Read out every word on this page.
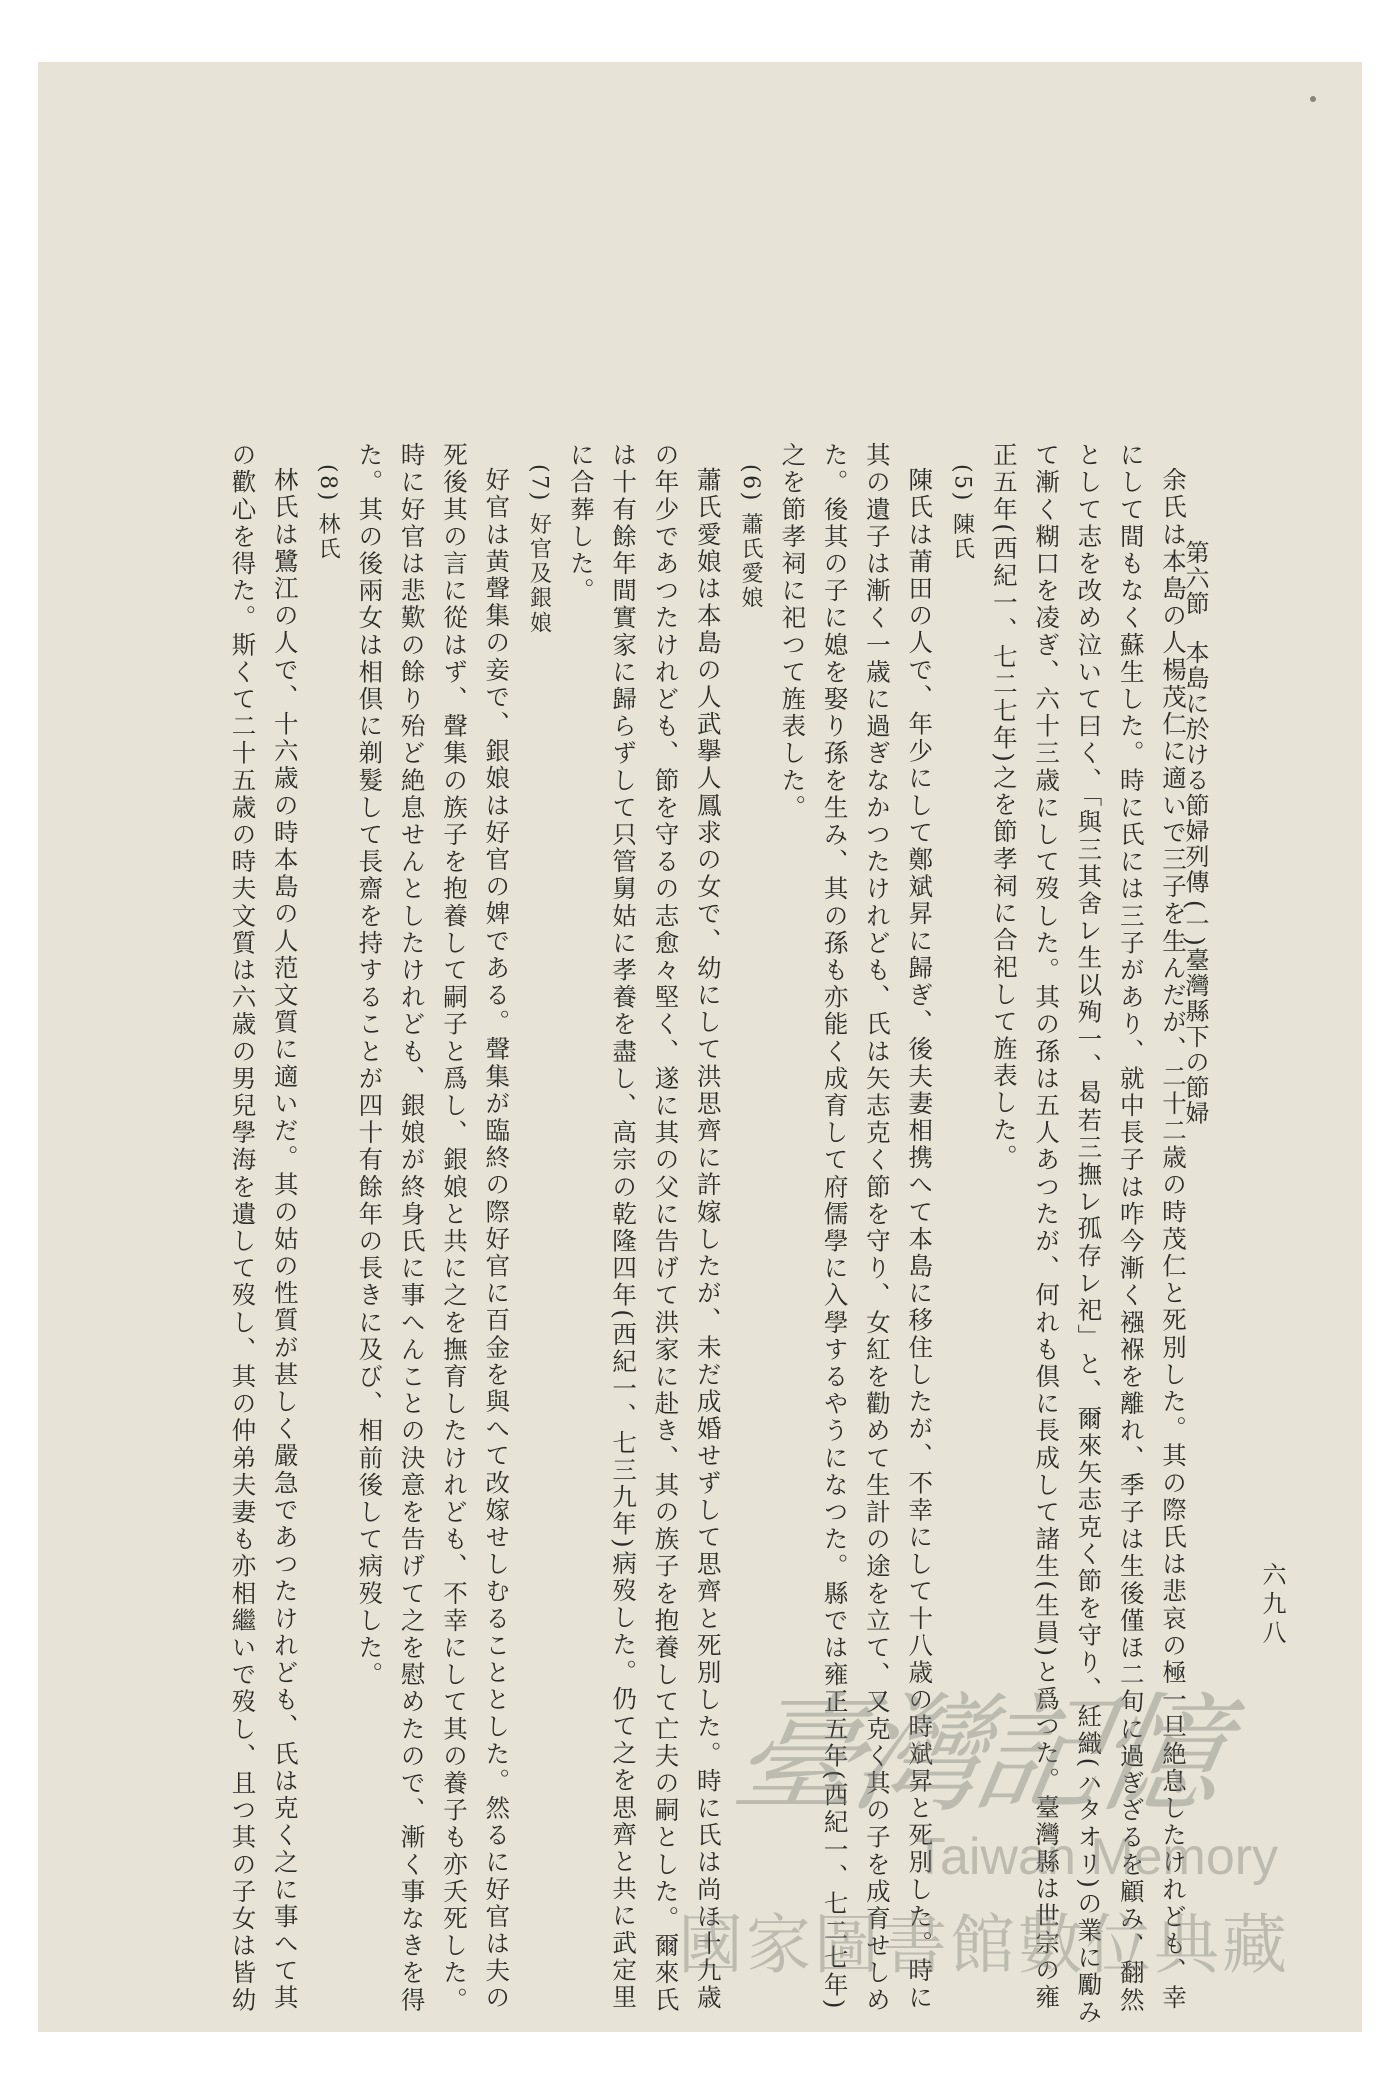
第六節
本島に於ける節婦列傳
(一)臺灣縣下の節婦
六九八

余氏は本島の人楊茂仁に適いで三子を生んだが、二十二歳の時茂仁と死別した。其の際氏は悲哀の極一旦絶息したけれども、幸にして間もなく蘇生した。時に氏には三子があり、就中長子は咋今漸く襁褓を離れ、季子は生後僅ほ二旬に過ぎざるを顧み、翻然として志を改め泣いて曰く、「與三其舍レ生以殉一、曷若三撫レ孤存レ祀」と、爾來矢志克く節を守り、紝織(ハタオリ)の業に勵みて漸く糊口を凌ぎ、六十三歳にして歿した。其の孫は五人あつたが、何れも倶に長成して諸生(生員)と爲つた。臺灣縣は世宗の雍正五年(西紀一、七二七年)之を節孝祠に合祀して旌表した。

(5) 陳氏

陳氏は莆田の人で、年少にして鄭斌昇に歸ぎ、後夫妻相携へて本島に移住したが、不幸にして十八歳の時斌昇と死別した。時に其の遺子は漸く一歳に過ぎなかつたけれども、氏は矢志克く節を守り、女紅を勸めて生計の途を立て、又克く其の子を成育せしめた。後其の子に媳を娶り孫を生み、其の孫も亦能く成育して府儒學に入學するやうになつた。縣では雍正五年(西紀一、七二七年)之を節孝祠に祀つて旌表した。

(6) 蕭氏愛娘

蕭氏愛娘は本島の人武擧人鳳求の女で、幼にして洪思齊に許嫁したが、未だ成婚せずして思齊と死別した。時に氏は尚ほ十九歳の年少であつたけれども、節を守るの志愈々堅く、遂に其の父に告げて洪家に赴き、其の族子を抱養して亡夫の嗣とした。爾來氏は十有餘年間實家に歸らずして只管舅姑に孝養を盡し、高宗の乾隆四年(西紀一、七三九年)病歿した。仍て之を思齊と共に武定里に合葬した。

(7) 好官及銀娘

好官は黄聲集の妾で、銀娘は好官の婢である。聲集が臨終の際好官に百金を與へて改嫁せしむることとした。然るに好官は夫の死後其の言に從はず、聲集の族子を抱養して嗣子と爲し、銀娘と共に之を撫育したけれども、不幸にして其の養子も亦夭死した。時に好官は悲歎の餘り殆ど絶息せんとしたけれども、銀娘が終身氏に事へんことの決意を告げて之を慰めたので、漸く事なきを得た。其の後兩女は相倶に剃髮して長齋を持することが四十有餘年の長きに及び、相前後して病歿した。

(8) 林氏

林氏は鷺江の人で、十六歳の時本島の人范文質に適いだ。其の姑の性質が甚しく嚴急であつたけれども、氏は克く之に事へて其の歡心を得た。斯くて二十五歳の時夫文質は六歳の男兒學海を遺して歿し、其の仲弟夫妻も亦相繼いで歿し、且つ其の子女は皆幼	臺灣記憶
Taiwan Memory
國家圖書館數位典藏
